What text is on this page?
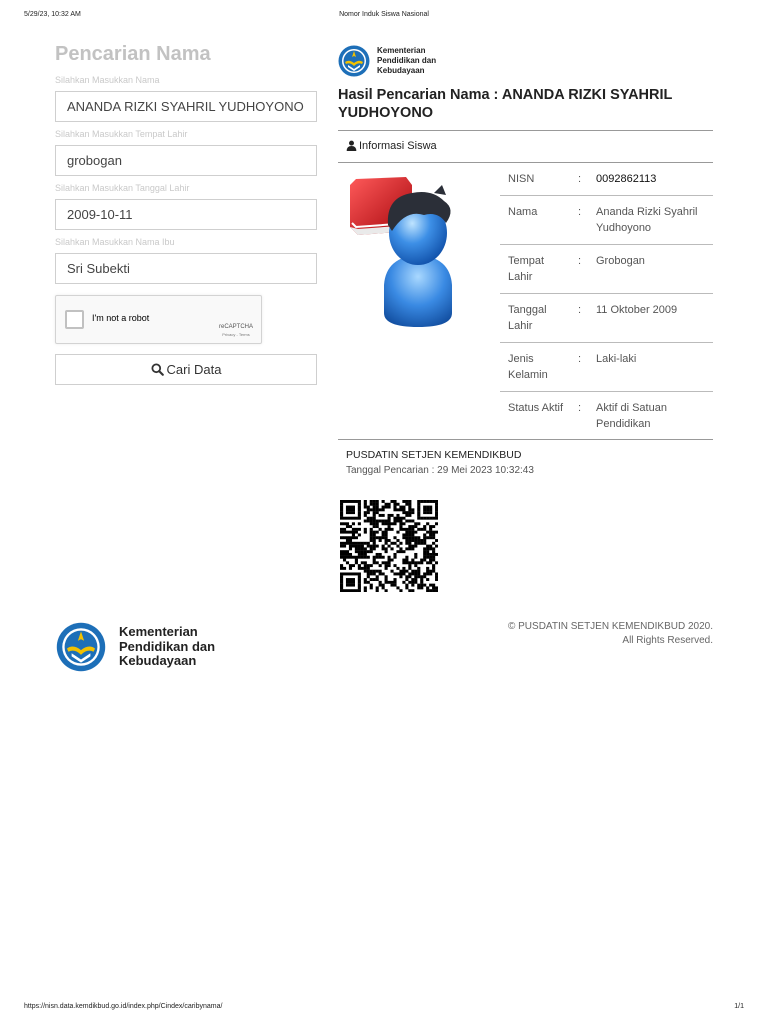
5/29/23, 10:32 AM	Nomor Induk Siswa Nasional
Pencarian Nama
Silahkan Masukkan Nama
ANANDA RIZKI SYAHRIL YUDHOYONO
Silahkan Masukkan Tempat Lahir
grobogan
Silahkan Masukkan Tanggal Lahir
2009-10-11
Silahkan Masukkan Nama Ibu
Sri Subekti
I'm not a robot
reCAPTCHA
Privacy - Terms
Cari Data
Kementerian
Pendidikan dan
Kebudayaan
Hasil Pencarian Nama : ANANDA RIZKI SYAHRIL YUDHOYONO
Informasi Siswa
NISN	: 0092862113
Nama	: Ananda Rizki Syahril Yudhoyono
Tempat Lahir
: Grobogan
Tanggal Lahir
: 11 Oktober 2009
Jenis Kelamin
: Laki-laki
Status Aktif	: Aktif di Satuan Pendidikan
PUSDATIN SETJEN KEMENDIKBUD
Tanggal Pencarian : 29 Mei 2023 10:32:43
Kementerian
Pendidikan dan
Kebudayaan
© PUSDATIN SETJEN KEMENDIKBUD 2020.
All Rights Reserved.
https://nisn.data.kemdikbud.go.id/index.php/Cindex/caribynama/	1/1
